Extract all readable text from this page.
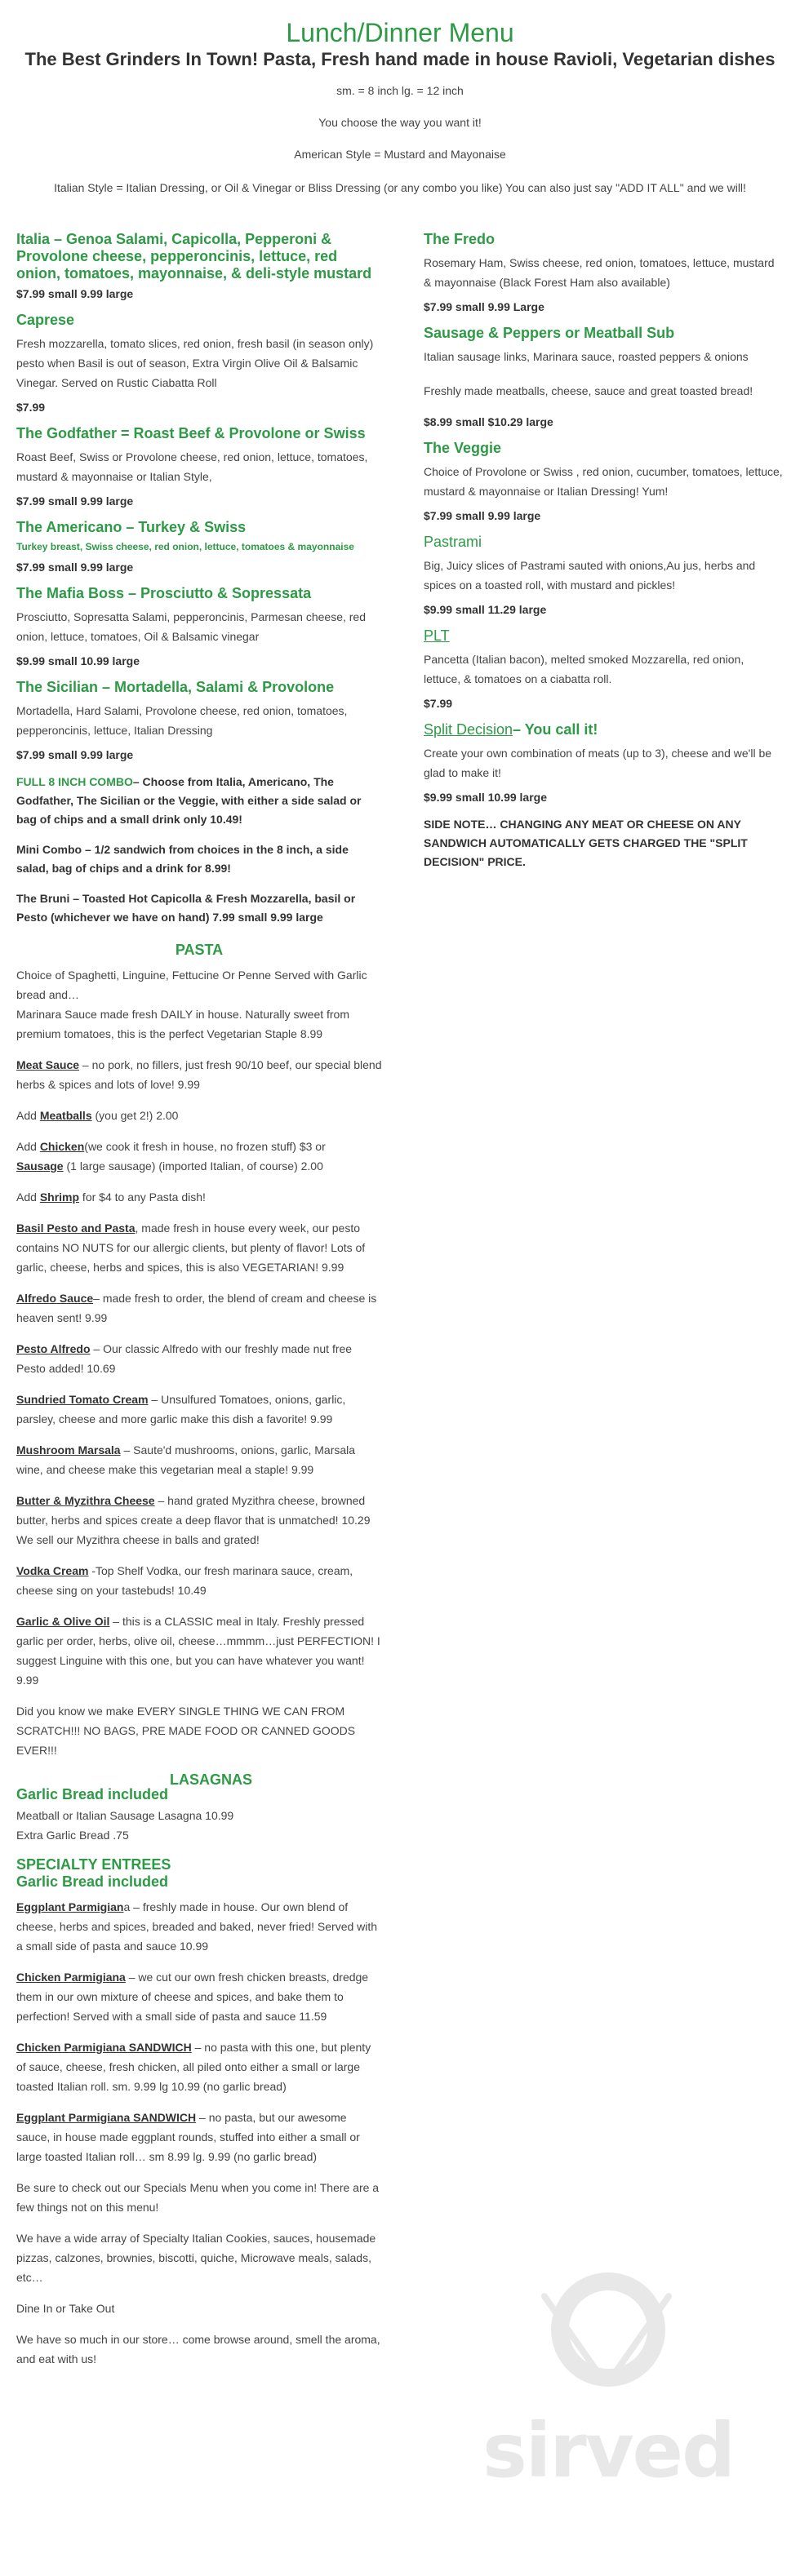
Lunch/Dinner Menu

The Best Grinders In Town! Pasta, Fresh hand made in house Ravioli, Vegetarian dishes

sm. = 8 inch lg. = 12 inch

You choose the way you want it!

American Style = Mustard and Mayonaise

Italian Style = Italian Dressing, or Oil & Vinegar or Bliss Dressing (or any combo you like) You can also just say "ADD IT ALL" and we will!

Italia – Genoa Salami, Capicolla, Pepperoni & Provolone cheese, pepperoncinis, lettuce, red onion, tomatoes, mayonnaise, & deli-style mustard

$7.99 small 9.99 large

Caprese

Fresh mozzarella, tomato slices, red onion, fresh basil (in season only) pesto when Basil is out of season, Extra Virgin Olive Oil & Balsamic Vinegar. Served on Rustic Ciabatta Roll

$7.99

The Godfather = Roast Beef & Provolone or Swiss

Roast Beef, Swiss or Provolone cheese, red onion, lettuce, tomatoes, mustard & mayonnaise or Italian Style,

$7.99 small 9.99 large

The Americano – Turkey & Swiss

Turkey breast, Swiss cheese, red onion, lettuce, tomatoes & mayonnaise

$7.99 small 9.99 large

The Mafia Boss – Prosciutto & Sopressata

Prosciutto, Sopresatta Salami, pepperoncinis, Parmesan cheese, red onion, lettuce, tomatoes, Oil & Balsamic vinegar

$9.99 small 10.99 large

The Sicilian – Mortadella, Salami & Provolone

Mortadella, Hard Salami, Provolone cheese, red onion, tomatoes, pepperoncinis, lettuce, Italian Dressing

$7.99 small 9.99 large

FULL 8 INCH COMBO– Choose from Italia, Americano, The Godfather, The Sicilian or the Veggie, with either a side salad or bag of chips and a small drink only 10.49!

Mini Combo – 1/2 sandwich from choices in the 8 inch, a side salad, bag of chips and a drink for 8.99!

The Bruni – Toasted Hot Capicolla & Fresh Mozzarella, basil or Pesto (whichever we have on hand) 7.99 small 9.99 large

PASTA

Choice of Spaghetti, Linguine, Fettucine Or Penne Served with Garlic bread and…
Marinara Sauce made fresh DAILY in house. Naturally sweet from premium tomatoes, this is the perfect Vegetarian Staple 8.99

Meat Sauce – no pork, no fillers, just fresh 90/10 beef, our special blend herbs & spices and lots of love! 9.99

Add Meatballs (you get 2!) 2.00

Add Chicken(we cook it fresh in house, no frozen stuff) $3 or
Sausage (1 large sausage) (imported Italian, of course) 2.00

Add Shrimp for $4 to any Pasta dish!

Basil Pesto and Pasta, made fresh in house every week, our pesto contains NO NUTS for our allergic clients, but plenty of flavor! Lots of garlic, cheese, herbs and spices, this is also VEGETARIAN! 9.99

Alfredo Sauce– made fresh to order, the blend of cream and cheese is heaven sent! 9.99

Pesto Alfredo – Our classic Alfredo with our freshly made nut free Pesto added! 10.69

Sundried Tomato Cream – Unsulfured Tomatoes, onions, garlic, parsley, cheese and more garlic make this dish a favorite! 9.99

Mushroom Marsala – Saute'd mushrooms, onions, garlic, Marsala wine, and cheese make this vegetarian meal a staple! 9.99

Butter & Myzithra Cheese – hand grated Myzithra cheese, browned butter, herbs and spices create a deep flavor that is unmatched! 10.29 We sell our Myzithra cheese in balls and grated!

Vodka Cream -Top Shelf Vodka, our fresh marinara sauce, cream, cheese sing on your tastebuds! 10.49

Garlic & Olive Oil – this is a CLASSIC meal in Italy. Freshly pressed garlic per order, herbs, olive oil, cheese…mmmm…just PERFECTION! I suggest Linguine with this one, but you can have whatever you want! 9.99

Did you know we make EVERY SINGLE THING WE CAN FROM SCRATCH!!! NO BAGS, PRE MADE FOOD OR CANNED GOODS EVER!!!

Garlic Bread included
LASAGNAS

Meatball or Italian Sausage Lasagna 10.99

Extra Garlic Bread .75

SPECIALTY ENTREES
Garlic Bread included

Eggplant Parmigiana – freshly made in house. Our own blend of cheese, herbs and spices, breaded and baked, never fried! Served with a small side of pasta and sauce 10.99

Chicken Parmigiana – we cut our own fresh chicken breasts, dredge them in our own mixture of cheese and spices, and bake them to perfection! Served with a small side of pasta and sauce 11.59

Chicken Parmigiana SANDWICH – no pasta with this one, but plenty of sauce, cheese, fresh chicken, all piled onto either a small or large toasted Italian roll. sm. 9.99 lg 10.99 (no garlic bread)

Eggplant Parmigiana SANDWICH – no pasta, but our awesome sauce, in house made eggplant rounds, stuffed into either a small or large toasted Italian roll… sm 8.99 lg. 9.99 (no garlic bread)

Be sure to check out our Specials Menu when you come in! There are a few things not on this menu!

We have a wide array of Specialty Italian Cookies, sauces, housemade pizzas, calzones, brownies, biscotti, quiche, Microwave meals, salads, etc…

Dine In or Take Out

We have so much in our store… come browse around, smell the aroma, and eat with us!

The Fredo

Rosemary Ham, Swiss cheese, red onion, tomatoes, lettuce, mustard & mayonnaise (Black Forest Ham also available)

$7.99 small 9.99 Large

Sausage & Peppers or Meatball Sub

Italian sausage links, Marinara sauce, roasted peppers & onions

Freshly made meatballs, cheese, sauce and great toasted bread!

$8.99 small $10.29 large

The Veggie

Choice of Provolone or Swiss , red onion, cucumber, tomatoes, lettuce, mustard & mayonnaise or Italian Dressing! Yum!

$7.99 small 9.99 large

Pastrami

Big, Juicy slices of Pastrami sauted with onions,Au jus, herbs and spices on a toasted roll, with mustard and pickles!

$9.99 small 11.29 large

PLT

Pancetta (Italian bacon), melted smoked Mozzarella, red onion, lettuce, & tomatoes on a ciabatta roll.

$7.99

Split Decision– You call it!

Create your own combination of meats (up to 3), cheese and we'll be glad to make it!

$9.99 small 10.99 large

SIDE NOTE… CHANGING ANY MEAT OR CHEESE ON ANY SANDWICH AUTOMATICALLY GETS CHARGED THE "SPLIT DECISION" PRICE.

sirved
